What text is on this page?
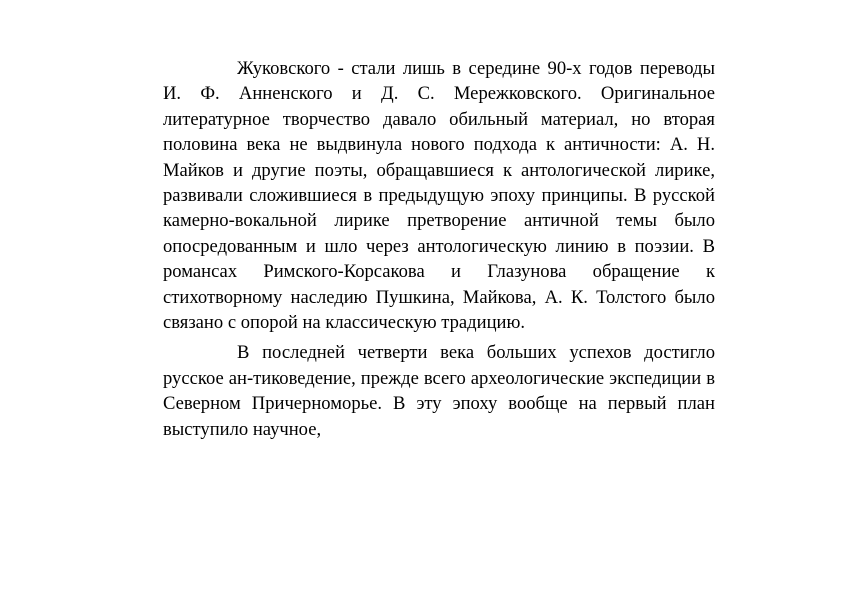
Жуковского - стали лишь в середине 90-х годов переводы И. Ф. Анненского и Д. С. Мережковского. Оригинальное литературное творчество давало обильный материал, но вторая половина века не выдвинула нового подхода к античности: А. Н. Майков и другие поэты, обращавшиеся к антологической лирике, развивали сложившиеся в предыдущую эпоху принципы. В русской камерно-вокальной лирике претворение античной темы было опосредованным и шло через антологическую линию в поэзии. В романсах Римского-Корсакова и Глазунова обращение к стихотворному наследию Пушкина, Майкова, А. К. Толстого было связано с опорой на классическую традицию.

В последней четверти века больших успехов достигло русское ан-тиковедение, прежде всего археологические экспедиции в Северном Причерноморье. В эту эпоху вообще на первый план выступило научное,
